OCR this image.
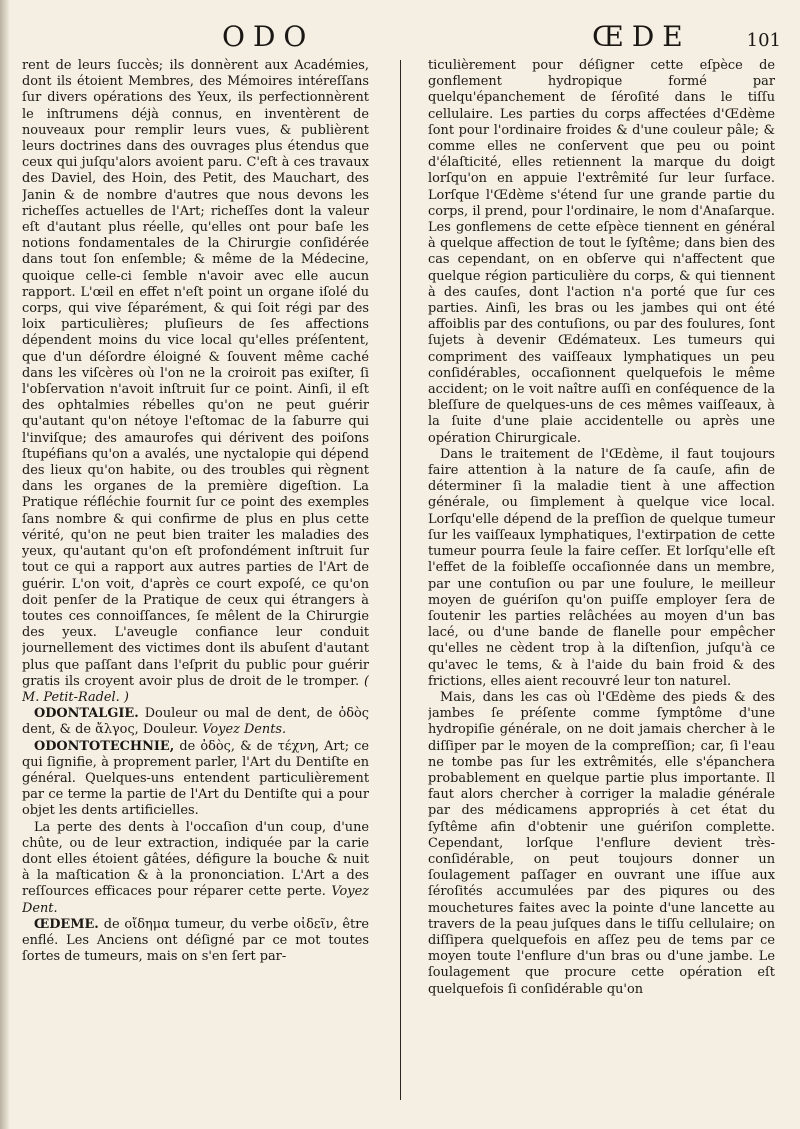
ODO	ŒDE	101

rent de leurs ſuccès; ils donnèrent aux Académies, dont ils étoient Membres, des Mémoires intéreſſans ſur divers opérations des Yeux, ils perfectionnèrent le inſtrumens déjà connus, en inventèrent de nouveaux pour remplir leurs vues, & publièrent leurs doctrines dans des ouvrages plus étendus que ceux qui juſqu'alors avoient paru. C'eſt à ces travaux des Daviel, des Hoin, des Petit, des Mauchart, des Janin & de nombre d'autres que nous devons les richeſſes actuelles de l'Art; richeſſes dont la valeur eſt d'autant plus réelle, qu'elles ont pour baſe les notions fondamentales de la Chirurgie conſidérée dans tout ſon enſemble; & même de la Médecine, quoique celle-ci ſemble n'avoir avec elle aucun rapport. L'œil en effet n'eſt point un organe iſolé du corps, qui vive ſéparément, & qui ſoit régi par des loix particulières; pluſieurs de ſes affections dépendent moins du vice local qu'elles préſentent, que d'un déſordre éloigné & ſouvent même caché dans les viſcères où l'on ne la croiroit pas exiſter, ſi l'obſervation n'avoit inſtruit ſur ce point. Ainſi, il eſt des ophtalmies rébelles qu'on ne peut guérir qu'autant qu'on nétoye l'eſtomac de la ſaburre qui l'inviſque; des amaurofes qui dérivent des poiſons ſtupéfians qu'on a avalés, une nyctalopie qui dépend des lieux qu'on habite, ou des troubles qui règnent dans les organes de la première digeſtion. La Pratique réfléchie fournit ſur ce point des exemples ſans nombre & qui confirme de plus en plus cette vérité, qu'on ne peut bien traiter les maladies des yeux, qu'autant qu'on eſt profondément inſtruit ſur tout ce qui a rapport aux autres parties de l'Art de guérir. L'on voit, d'après ce court expoſé, ce qu'on doit penſer de la Pratique de ceux qui étrangers à toutes ces connoiſſances, ſe mêlent de la Chirurgie des yeux. L'aveugle confiance leur conduit journellement des victimes dont ils abuſent d'autant plus que paſſant dans l'eſprit du public pour guérir gratis ils croyent avoir plus de droit de le tromper. ( M. Petit-Radel. )

ODONTALGIE. Douleur ou mal de dent, de ὀδὸς dent, & de ἄλγος, Douleur. Voyez Dents.

ODONTOTECHNIE, de ὀδὸς, & de τέχνη, Art; ce qui ſignifie, à proprement parler, l'Art du Dentiſte en général. Quelques-uns entendent particulièrement par ce terme la partie de l'Art du Dentiſte qui a pour objet les dents artificielles.

La perte des dents à l'occaſion d'un coup, d'une chûte, ou de leur extraction, indiquée par la carie dont elles étoient gâtées, défigure la bouche & nuit à la maſtication & à la prononciation. L'Art a des reſſources efficaces pour réparer cette perte. Voyez Dent.

ŒDEME. de οἴδημα tumeur, du verbe οἰδεῖν, être enflé. Les Anciens ont déſigné par ce mot toutes ſortes de tumeurs, mais on s'en ſert par-

ticulièrement pour déſigner cette eſpèce de gonflement hydropique formé par quelqu'épanchement de ſéroſité dans le tiſſu cellulaire. Les parties du corps affectées d'Œdème ſont pour l'ordinaire froides & d'une couleur pâle; & comme elles ne conſervent que peu ou point d'élaſticité, elles retiennent la marque du doigt lorſqu'on en appuie l'extrêmité ſur leur ſurface. Lorſque l'Œdème s'étend ſur une grande partie du corps, il prend, pour l'ordinaire, le nom d'Anaſarque. Les gonflemens de cette eſpèce tiennent en général à quelque affection de tout le ſyſtême; dans bien des cas cependant, on en obſerve qui n'affectent que quelque région particulière du corps, & qui tiennent à des cauſes, dont l'action n'a porté que ſur ces parties. Ainſi, les bras ou les jambes qui ont été affoiblis par des contuſions, ou par des foulures, ſont ſujets à devenir Œdémateux. Les tumeurs qui compriment des vaiſſeaux lymphatiques un peu conſidérables, occaſionnent quelquefois le même accident; on le voit naître auſſi en conſéquence de la bleſſure de quelques-uns de ces mêmes vaiſſeaux, à la ſuite d'une plaie accidentelle ou après une opération Chirurgicale.

Dans le traitement de l'Œdème, il faut toujours faire attention à la nature de ſa cauſe, afin de déterminer ſi la maladie tient à une affection générale, ou ſimplement à quelque vice local. Lorſqu'elle dépend de la preſſion de quelque tumeur ſur les vaiſſeaux lymphatiques, l'extirpation de cette tumeur pourra ſeule la faire ceſſer. Et lorſqu'elle eſt l'effet de la foibleſſe occaſionnée dans un membre, par une contuſion ou par une foulure, le meilleur moyen de guériſon qu'on puiſſe employer ſera de ſoutenir les parties relâchées au moyen d'un bas lacé, ou d'une bande de flanelle pour empêcher qu'elles ne cèdent trop à la diſtenſion, juſqu'à ce qu'avec le tems, & à l'aide du bain froid & des frictions, elles aient recouvré leur ton naturel.

Mais, dans les cas où l'Œdème des pieds & des jambes ſe préſente comme ſymptôme d'une hydropiſie générale, on ne doit jamais chercher à le diſſiper par le moyen de la compreſſion; car, ſi l'eau ne tombe pas ſur les extrêmités, elle s'épanchera probablement en quelque partie plus importante. Il faut alors chercher à corriger la maladie générale par des médicamens appropriés à cet état du ſyſtême afin d'obtenir une guériſon complette. Cependant, lorſque l'enflure devient très-conſidérable, on peut toujours donner un ſoulagement paſſager en ouvrant une iſſue aux ſéroſités accumulées par des piqures ou des mouchetures faites avec la pointe d'une lancette au travers de la peau juſques dans le tiſſu cellulaire; on diſſipera quelquefois en aſſez peu de tems par ce moyen toute l'enflure d'un bras ou d'une jambe. Le ſoulagement que procure cette opération eſt quelquefois ſi conſidérable qu'on
